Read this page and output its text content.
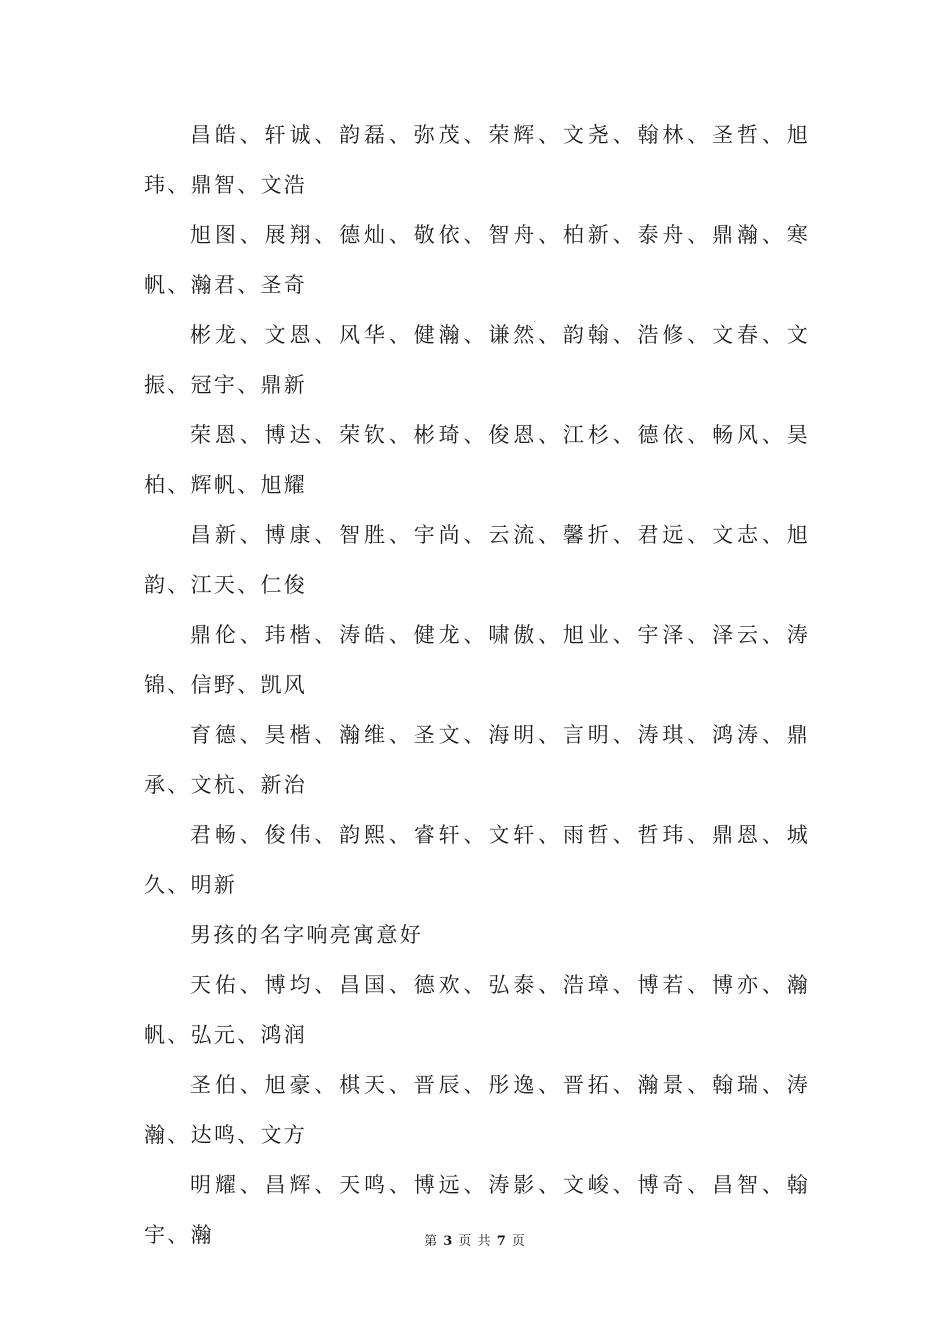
昌皓、轩诚、韵磊、弥茂、荣辉、文尧、翰林、圣哲、旭玮、鼎智、文浩

旭图、展翔、德灿、敬依、智舟、柏新、泰舟、鼎瀚、寒帆、瀚君、圣奇

彬龙、文恩、风华、健瀚、谦然、韵翰、浩修、文春、文振、冠宇、鼎新

荣恩、博达、荣钦、彬琦、俊恩、江杉、德依、畅风、昊柏、辉帆、旭耀

昌新、博康、智胜、宇尚、云流、馨折、君远、文志、旭韵、江天、仁俊

鼎伦、玮楷、涛皓、健龙、啸傲、旭业、宇泽、泽云、涛锦、信野、凯风

育德、昊楷、瀚维、圣文、海明、言明、涛琪、鸿涛、鼎承、文杭、新治

君畅、俊伟、韵熙、睿轩、文轩、雨哲、哲玮、鼎恩、城久、明新

男孩的名字响亮寓意好

天佑、博均、昌国、德欢、弘泰、浩璋、博若、博亦、瀚帆、弘元、鸿润

圣伯、旭豪、棋天、晋辰、彤逸、晋拓、瀚景、翰瑞、涛瀚、达鸣、文方

明耀、昌辉、天鸣、博远、涛影、文峻、博奇、昌智、翰宇、瀚	第 3 页 共 7 页
